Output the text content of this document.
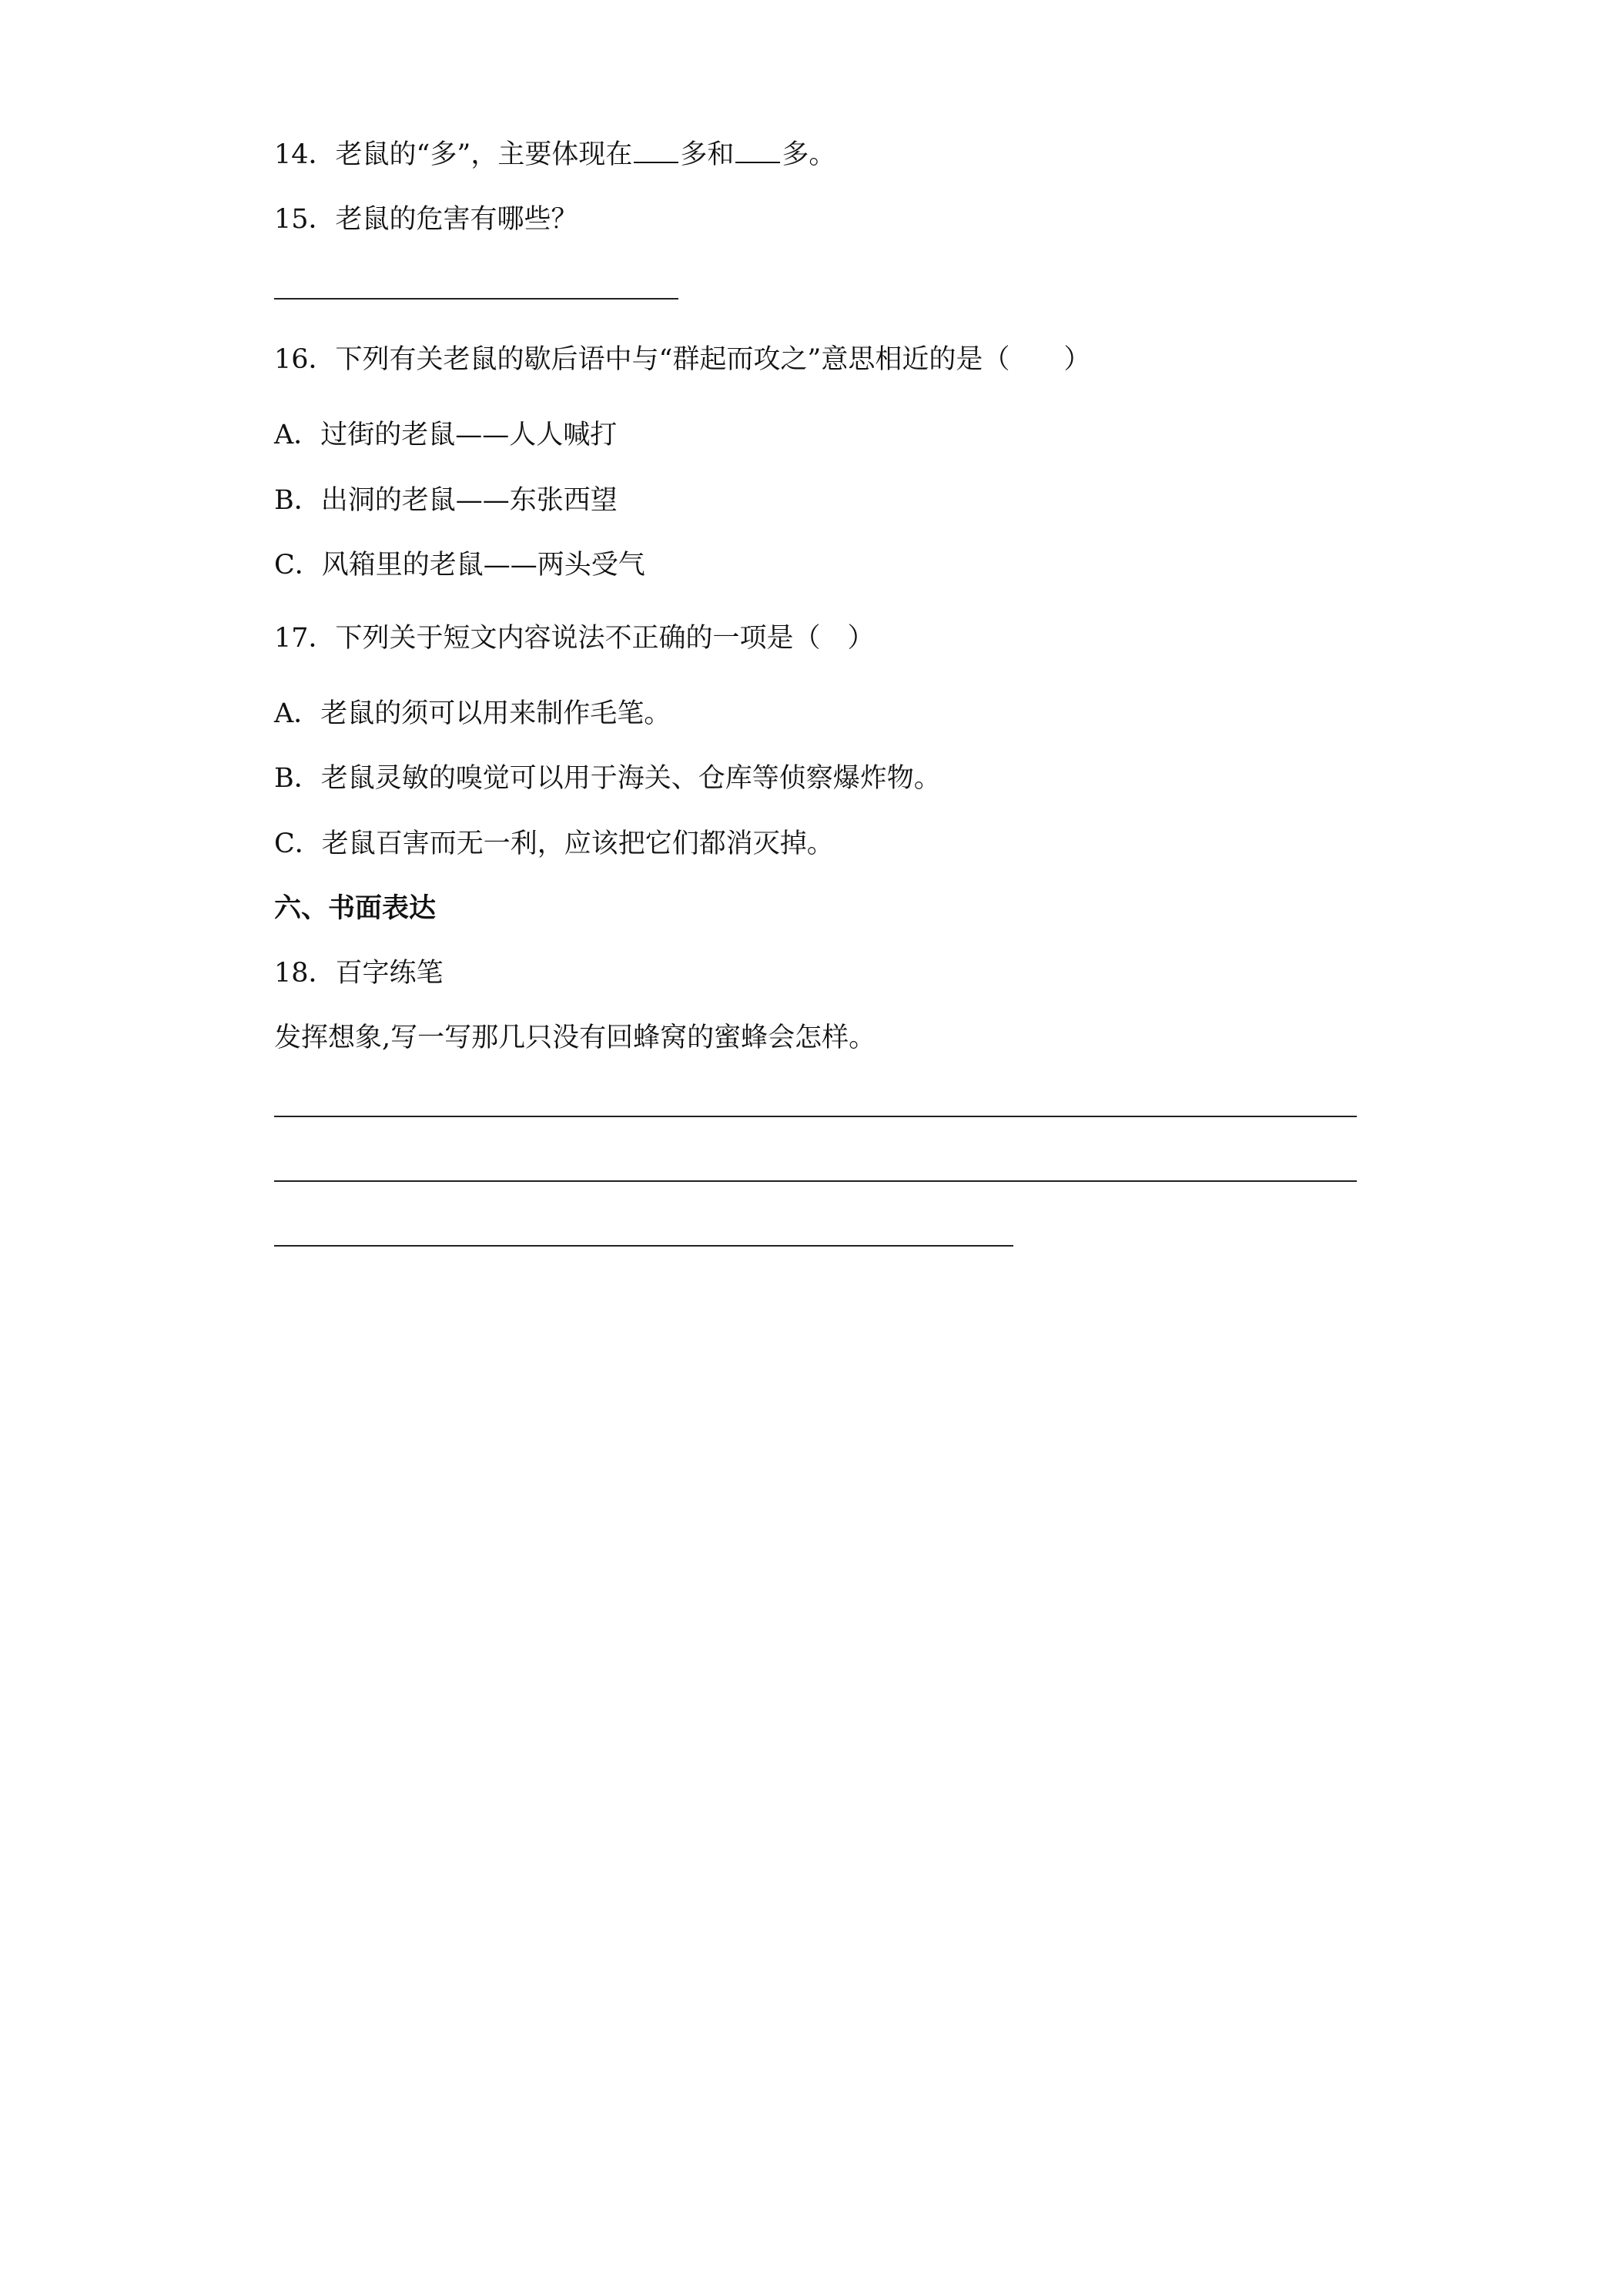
14．老鼠的“多”，主要体现在 多和 多。
15．老鼠的危害有哪些？
16．下列有关老鼠的歇后语中与“群起而攻之”意思相近的是（　　）
A．过街的老鼠——人人喊打
B．出洞的老鼠——东张西望
C．风箱里的老鼠——两头受气
17．下列关于短文内容说法不正确的一项是（　）
A．老鼠的须可以用来制作毛笔。
B．老鼠灵敏的嗅觉可以用于海关、仓库等侦察爆炸物。
C．老鼠百害而无一利，应该把它们都消灭掉。
六、书面表达
18．百字练笔
发挥想象,写一写那几只没有回蜂窝的蜜蜂会怎样。
